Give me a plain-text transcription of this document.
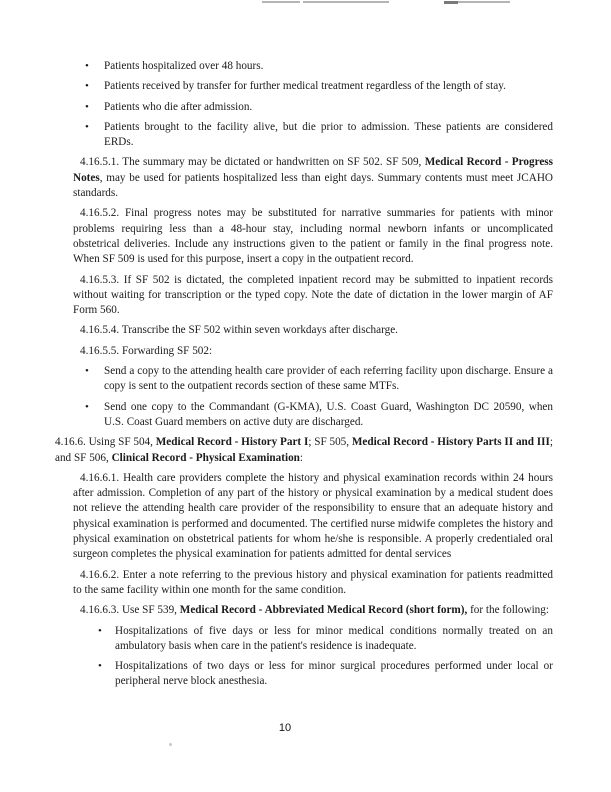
•	Patients hospitalized over 48 hours.
•	Patients received by transfer for further medical treatment regardless of the length of stay.
•	Patients who die after admission.
•	Patients brought to the facility alive, but die prior to admission. These patients are considered ERDs.

4.16.5.1. The summary may be dictated or handwritten on SF 502. SF 509, Medical Record - Progress Notes, may be used for patients hospitalized less than eight days. Summary contents must meet JCAHO standards.

4.16.5.2. Final progress notes may be substituted for narrative summaries for patients with minor problems requiring less than a 48-hour stay, including normal newborn infants or uncomplicated obstetrical deliveries. Include any instructions given to the patient or family in the final progress note. When SF 509 is used for this purpose, insert a copy in the outpatient record.

4.16.5.3. If SF 502 is dictated, the completed inpatient record may be submitted to inpatient records without waiting for transcription or the typed copy. Note the date of dictation in the lower margin of AF Form 560.

4.16.5.4. Transcribe the SF 502 within seven workdays after discharge.

4.16.5.5. Forwarding SF 502:

•	Send a copy to the attending health care provider of each referring facility upon discharge. Ensure a copy is sent to the outpatient records section of these same MTFs.
•	Send one copy to the Commandant (G-KMA), U.S. Coast Guard, Washington DC 20590, when U.S. Coast Guard members on active duty are discharged.

4.16.6. Using SF 504, Medical Record - History Part I; SF 505, Medical Record - History Parts II and III; and SF 506, Clinical Record - Physical Examination:

4.16.6.1. Health care providers complete the history and physical examination records within 24 hours after admission. Completion of any part of the history or physical examination by a medical student does not relieve the attending health care provider of the responsibility to ensure that an adequate history and physical examination is performed and documented. The certified nurse midwife completes the history and physical examination on obstetrical patients for whom he/she is responsible. A properly credentialed oral surgeon completes the physical examination for patients admitted for dental services

4.16.6.2. Enter a note referring to the previous history and physical examination for patients readmitted to the same facility within one month for the same condition.

4.16.6.3. Use SF 539, Medical Record - Abbreviated Medical Record (short form), for the following:

•	Hospitalizations of five days or less for minor medical conditions normally treated on an ambulatory basis when care in the patient's residence is inadequate.
•	Hospitalizations of two days or less for minor surgical procedures performed under local or peripheral nerve block anesthesia.
10
